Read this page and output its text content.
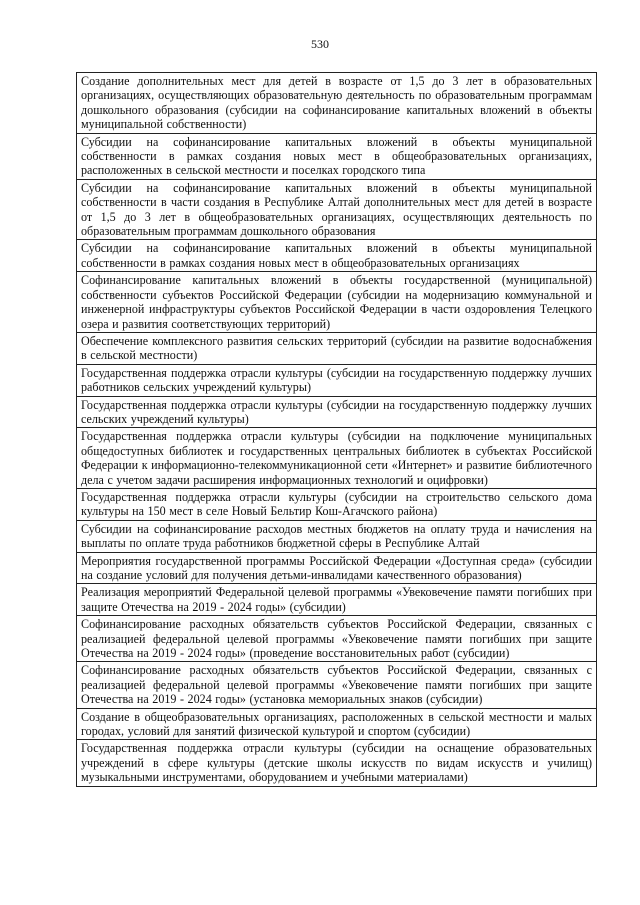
530
Создание дополнительных мест для детей в возрасте от 1,5 до 3 лет в образовательных организациях, осуществляющих образовательную деятельность по образовательным программам дошкольного образования (субсидии на софинансирование капитальных вложений в объекты муниципальной собственности)
Субсидии на софинансирование капитальных вложений в объекты муниципальной собственности в рамках создания новых мест в общеобразовательных организациях, расположенных в сельской местности и поселках городского типа
Субсидии на софинансирование капитальных вложений в объекты муниципальной собственности в части создания в Республике Алтай дополнительных мест для детей в возрасте от 1,5 до 3 лет в общеобразовательных организациях, осуществляющих деятельность по образовательным программам дошкольного образования
Субсидии на софинансирование капитальных вложений в объекты муниципальной собственности в рамках создания новых мест в общеобразовательных организациях
Софинансирование капитальных вложений в объекты государственной (муниципальной) собственности субъектов Российской Федерации (субсидии на модернизацию коммунальной и инженерной инфраструктуры субъектов Российской Федерации в части оздоровления Телецкого озера и развития соответствующих территорий)
Обеспечение комплексного развития сельских территорий (субсидии на развитие водоснабжения в сельской местности)
Государственная поддержка отрасли культуры (субсидии на государственную поддержку лучших работников сельских учреждений культуры)
Государственная поддержка отрасли культуры (субсидии на государственную поддержку лучших сельских учреждений культуры)
Государственная поддержка отрасли культуры (субсидии на подключение муниципальных общедоступных библиотек и государственных центральных библиотек в субъектах Российской Федерации к информационно-телекоммуникационной сети «Интернет» и развитие библиотечного дела с учетом задачи расширения информационных технологий и оцифровки)
Государственная поддержка отрасли культуры (субсидии на строительство сельского дома культуры на 150 мест в селе Новый Бельтир Кош-Агачского района)
Субсидии на софинансирование расходов местных бюджетов на оплату труда и начисления на выплаты по оплате труда работников бюджетной сферы в Республике Алтай
Мероприятия государственной программы Российской Федерации «Доступная среда» (субсидии на создание условий для получения детьми-инвалидами качественного образования)
Реализация мероприятий Федеральной целевой программы «Увековечение памяти погибших при защите Отечества на 2019 - 2024 годы» (субсидии)
Софинансирование расходных обязательств субъектов Российской Федерации, связанных с реализацией федеральной целевой программы «Увековечение памяти погибших при защите Отечества на 2019 - 2024 годы» (проведение восстановительных работ (субсидии)
Софинансирование расходных обязательств субъектов Российской Федерации, связанных с реализацией федеральной целевой программы «Увековечение памяти погибших при защите Отечества на 2019 - 2024 годы» (установка мемориальных знаков (субсидии)
Создание в общеобразовательных организациях, расположенных в сельской местности и малых городах, условий для занятий физической культурой и спортом (субсидии)
Государственная поддержка отрасли культуры (субсидии на оснащение образовательных учреждений в сфере культуры (детские школы искусств по видам искусств и училищ) музыкальными инструментами, оборудованием и учебными материалами)
